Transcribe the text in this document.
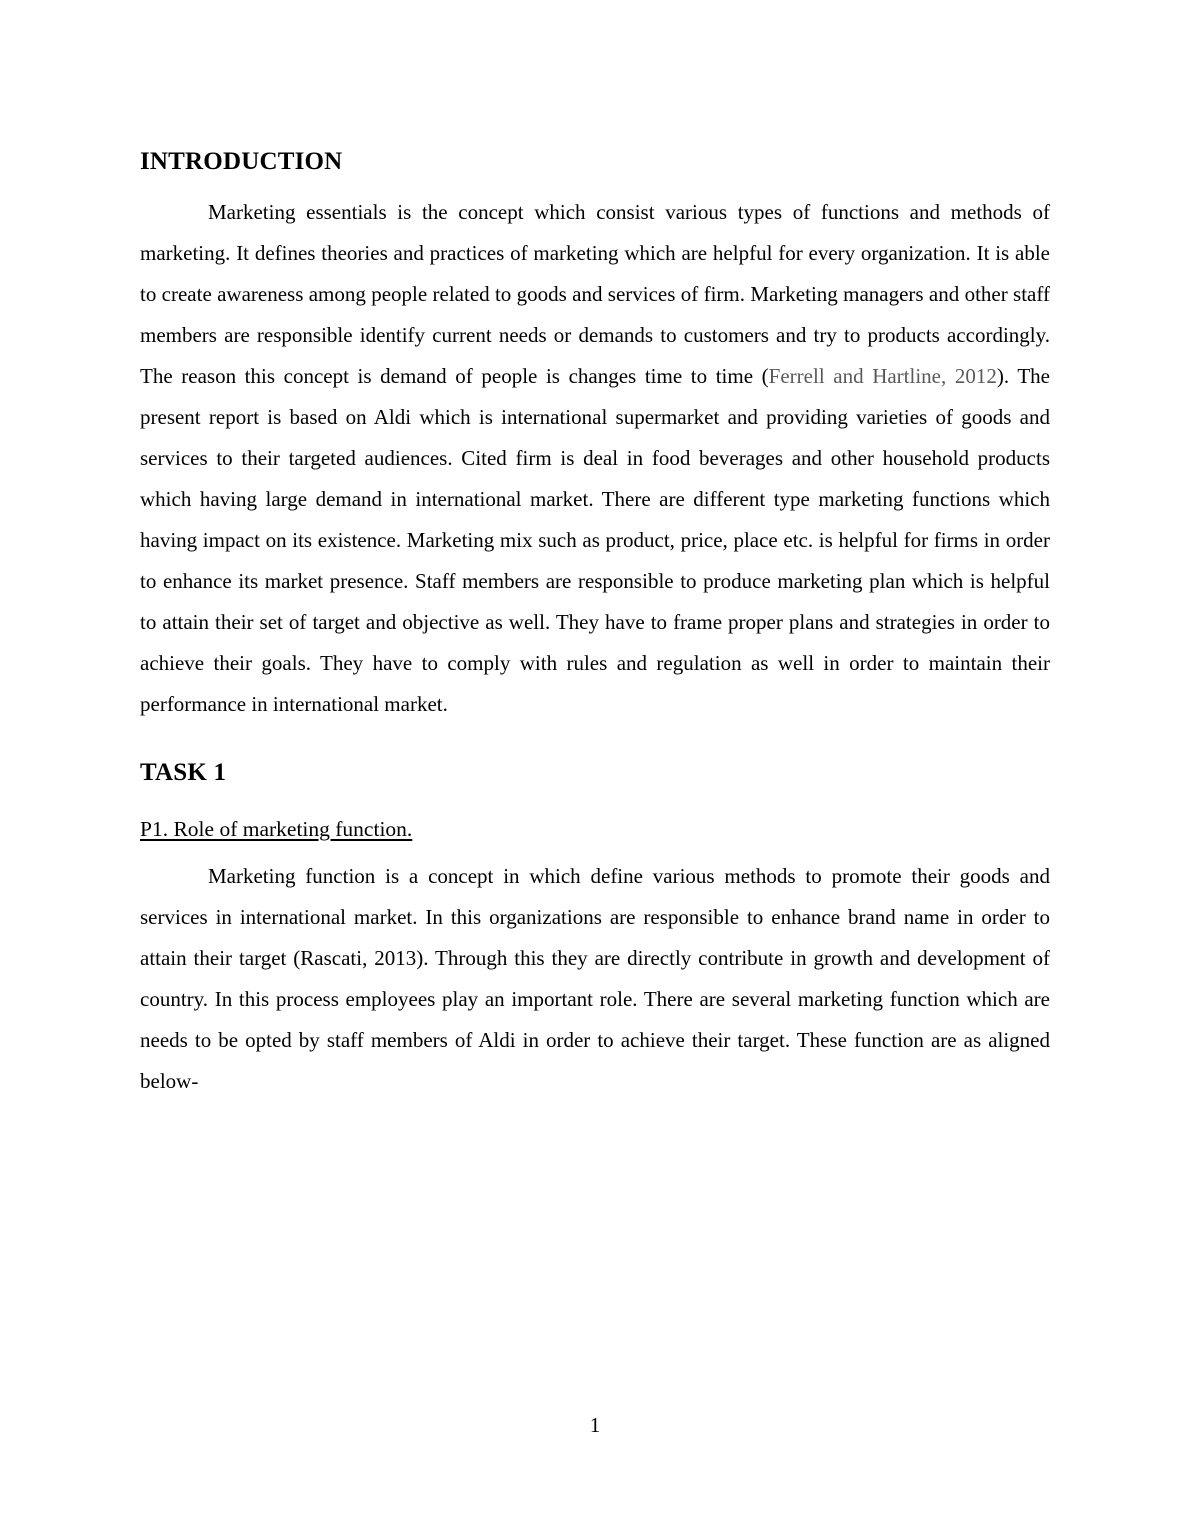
INTRODUCTION

Marketing essentials is the concept which consist various types of functions and methods of marketing. It defines theories and practices of marketing which are helpful for every organization. It is able to create awareness among people related to goods and services of firm. Marketing managers and other staff members are responsible identify current needs or demands to customers and try to products accordingly. The reason this concept is demand of people is changes time to time (Ferrell and Hartline, 2012). The present report is based on Aldi which is international supermarket and providing varieties of goods and services to their targeted audiences. Cited firm is deal in food beverages and other household products which having large demand in international market. There are different type marketing functions which having impact on its existence. Marketing mix such as product, price, place etc. is helpful for firms in order to enhance its market presence. Staff members are responsible to produce marketing plan which is helpful to attain their set of target and objective as well. They have to frame proper plans and strategies in order to achieve their goals. They have to comply with rules and regulation as well in order to maintain their performance in international market.

TASK 1

P1. Role of marketing function.

Marketing function is a concept in which define various methods to promote their goods and services in international market. In this organizations are responsible to enhance brand name in order to attain their target (Rascati, 2013). Through this they are directly contribute in growth and development of country. In this process employees play an important role. There are several marketing function which are needs to be opted by staff members of Aldi in order to achieve their target. These function are as aligned below-

1
